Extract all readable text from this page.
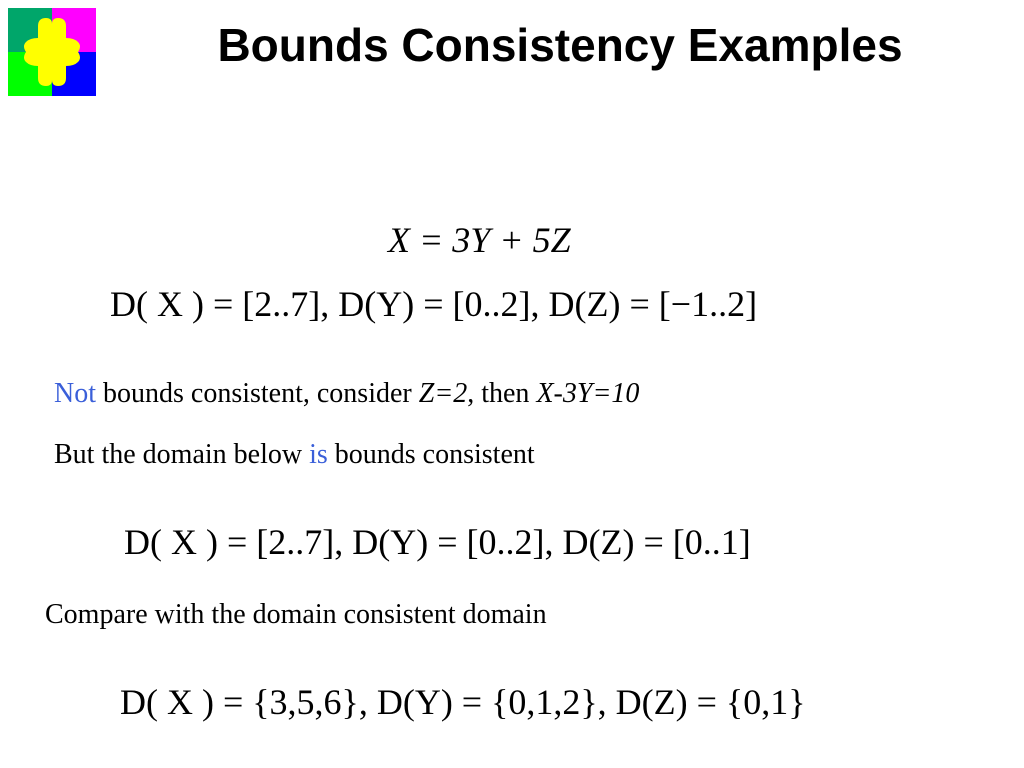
Bounds Consistency Examples
X = 3Y + 5Z
D( X ) = [2..7], D(Y) = [0..2], D(Z) = [−1..2]
Not bounds consistent, consider Z=2, then X-3Y=10
But the domain below is bounds consistent
D( X ) = [2..7], D(Y) = [0..2], D(Z) = [0..1]
Compare with the domain consistent domain
D( X ) = {3,5,6}, D(Y) = {0,1,2}, D(Z) = {0,1}
